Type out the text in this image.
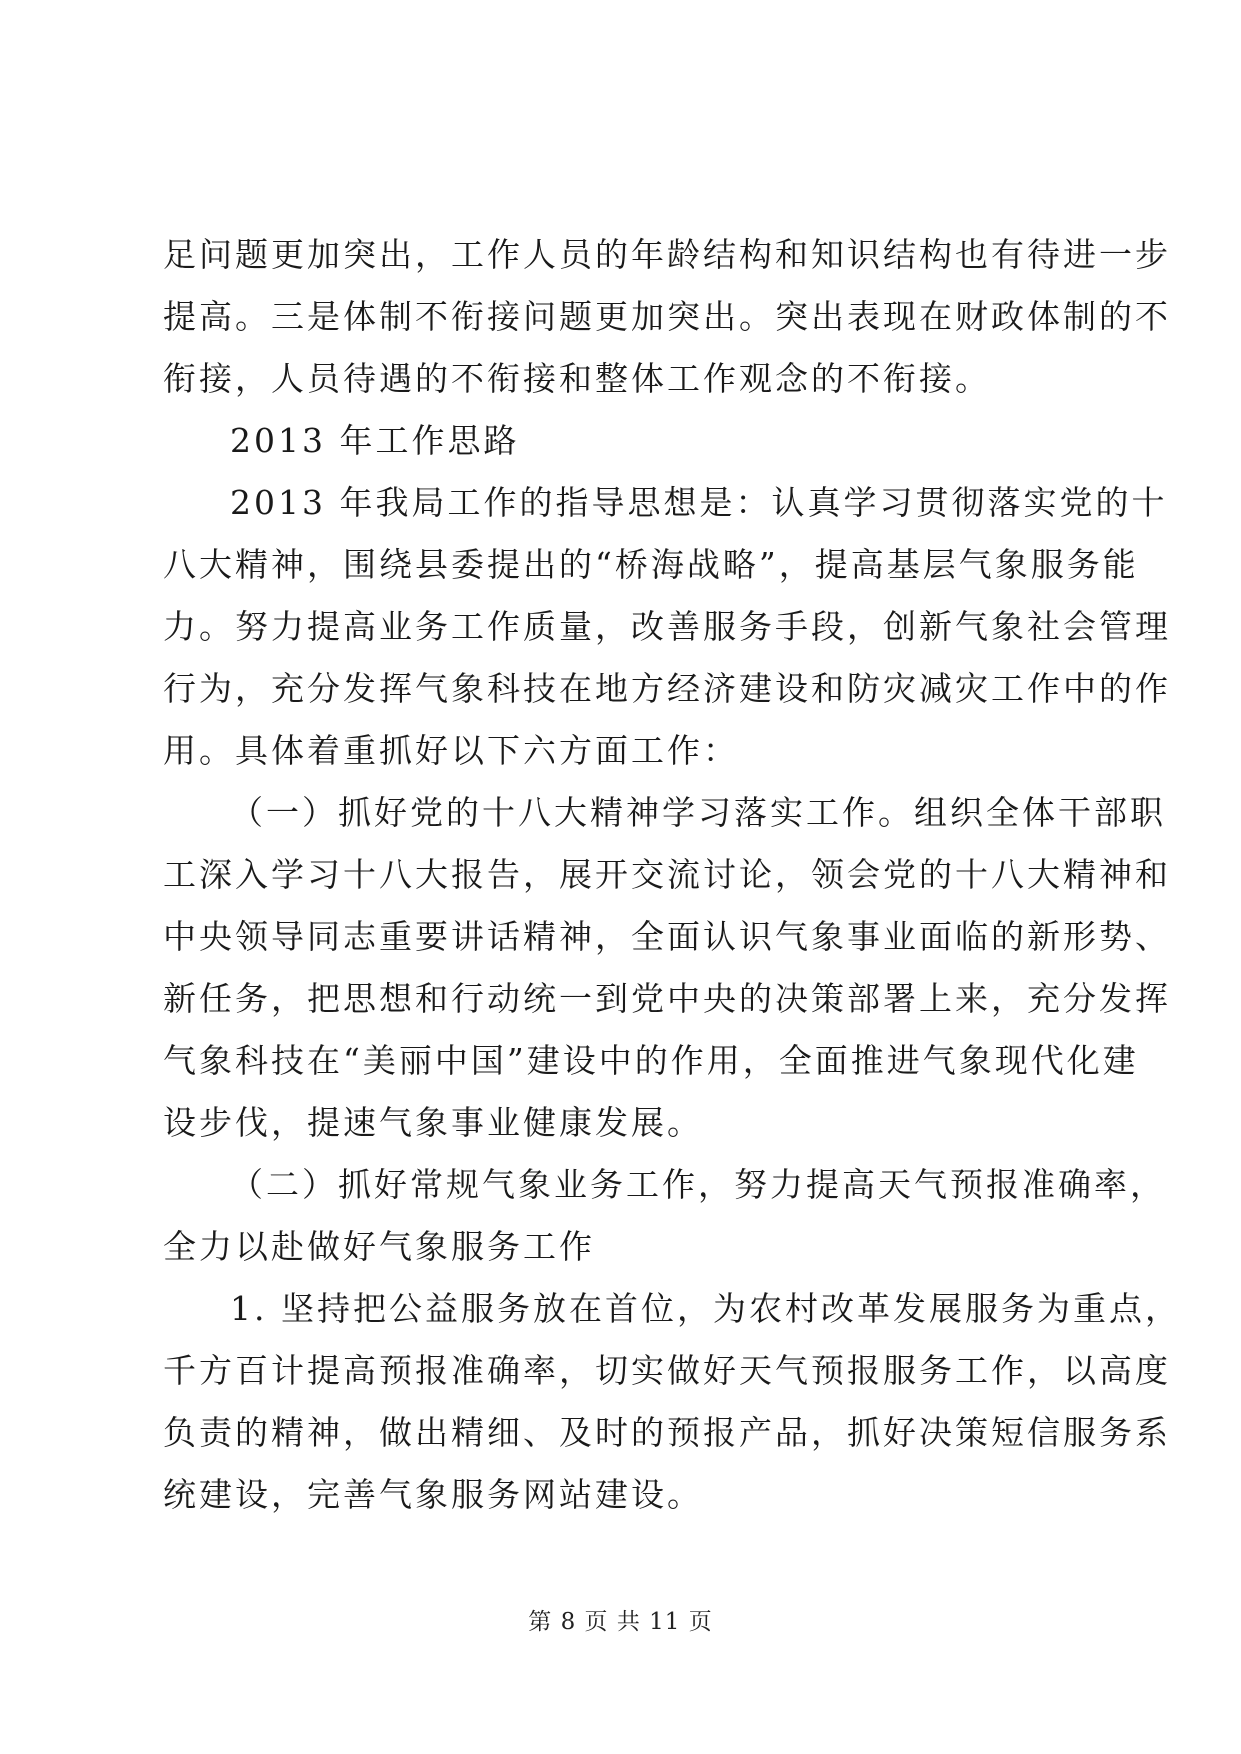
足问题更加突出，工作人员的年龄结构和知识结构也有待进一步
提高。三是体制不衔接问题更加突出。突出表现在财政体制的不
衔接，人员待遇的不衔接和整体工作观念的不衔接。
2013 年工作思路
2013 年我局工作的指导思想是：认真学习贯彻落实党的十
八大精神，围绕县委提出的“桥海战略”，提高基层气象服务能
力。努力提高业务工作质量，改善服务手段，创新气象社会管理
行为，充分发挥气象科技在地方经济建设和防灾减灾工作中的作
用。具体着重抓好以下六方面工作：
（一）抓好党的十八大精神学习落实工作。组织全体干部职
工深入学习十八大报告，展开交流讨论，领会党的十八大精神和
中央领导同志重要讲话精神，全面认识气象事业面临的新形势、
新任务，把思想和行动统一到党中央的决策部署上来，充分发挥
气象科技在“美丽中国”建设中的作用，全面推进气象现代化建
设步伐，提速气象事业健康发展。
（二）抓好常规气象业务工作，努力提高天气预报准确率，
全力以赴做好气象服务工作
1. 坚持把公益服务放在首位，为农村改革发展服务为重点，
千方百计提高预报准确率，切实做好天气预报服务工作，以高度
负责的精神，做出精细、及时的预报产品，抓好决策短信服务系
统建设，完善气象服务网站建设。
第 8 页 共 11 页
